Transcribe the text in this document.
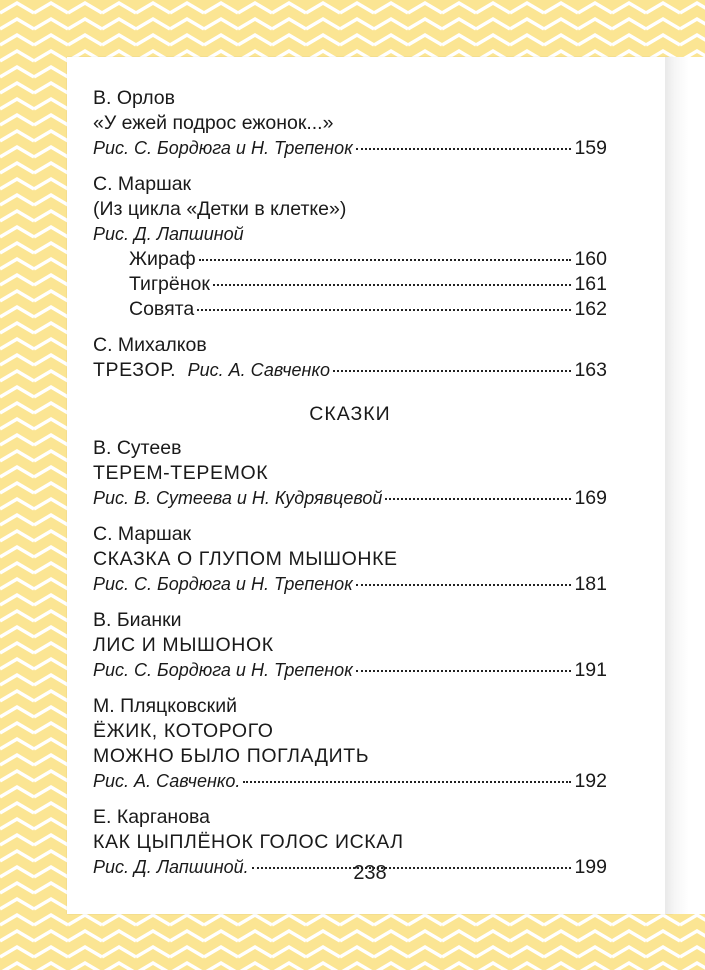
В. Орлов
«У ежей подрос ежонок...»
Рис. С. Бордюга и Н. Трепенок	159
С. Маршак
(Из цикла «Детки в клетке»)
Рис. Д. Лапшиной
Жираф	160
Тигрёнок	161
Совята	162
С. Михалков
ТРЕЗОР. Рис. А. Савченко	163
СКАЗКИ
В. Сутеев
ТЕРЕМ-ТЕРЕМОК
Рис. В. Сутеева и Н. Кудрявцевой	169
С. Маршак
СКАЗКА О ГЛУПОМ МЫШОНКЕ
Рис. С. Бордюга и Н. Трепенок	181
В. Бианки
ЛИС И МЫШОНОК
Рис. С. Бордюга и Н. Трепенок	191
М. Пляцковский
ЁЖИК, КОТОРОГО
МОЖНО БЫЛО ПОГЛАДИТЬ
Рис. А. Савченко.	192
Е. Карганова
КАК ЦЫПЛЁНОК ГОЛОС ИСКАЛ
Рис. Д. Лапшиной.	199
238
